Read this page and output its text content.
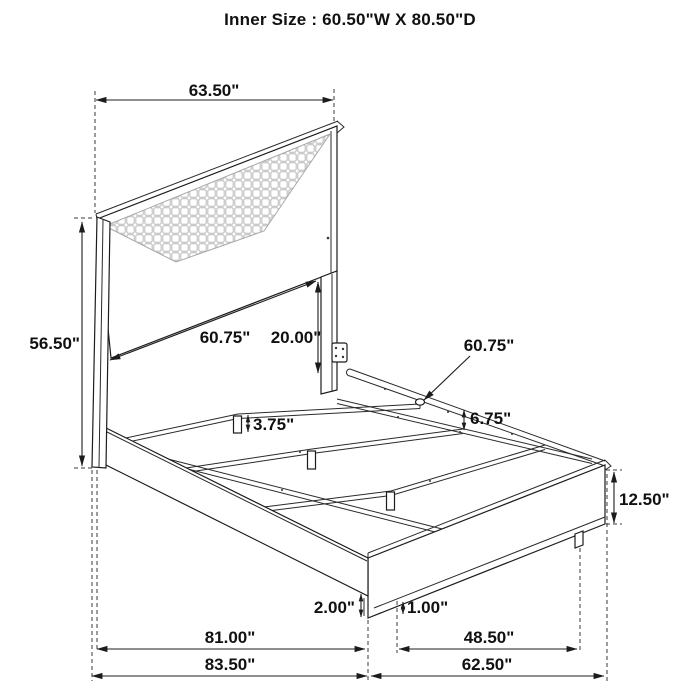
Inner Size : 60.50"W X 80.50"D
63.50"
56.50"	60.75" 20.00"
3.75"
60.75"
6.75"
12.50"
2.00"	1.00"
81.00"
83.50"
48.50"
62.50"
